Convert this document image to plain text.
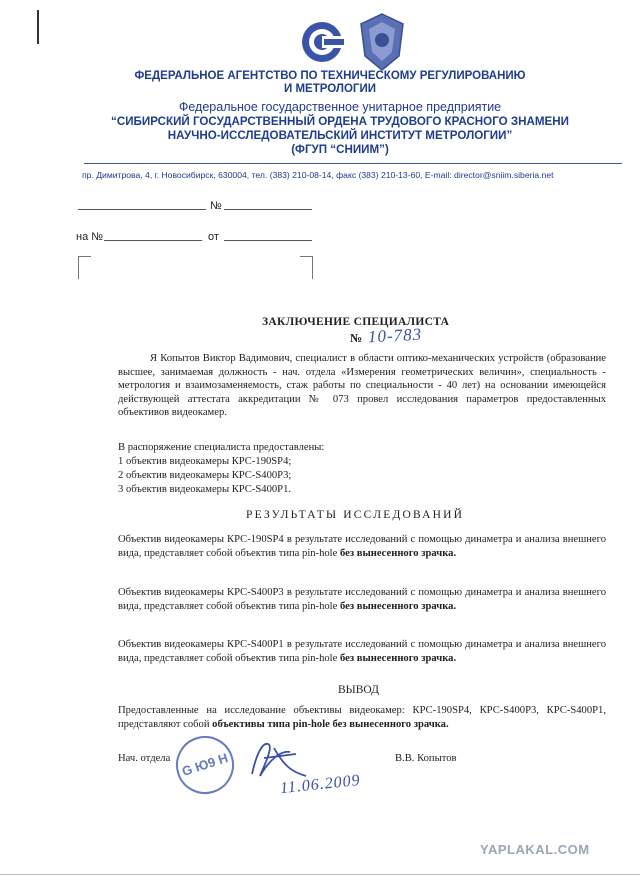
ФЕДЕРАЛЬНОЕ АГЕНТСТВО ПО ТЕХНИЧЕСКОМУ РЕГУЛИРОВАНИЮ
И МЕТРОЛОГИИ
Федеральное государственное унитарное предприятие
“СИБИРСКИЙ ГОСУДАРСТВЕННЫЙ ОРДЕНА ТРУДОВОГО КРАСНОГО ЗНАМЕНИ
НАУЧНО-ИССЛЕДОВАТЕЛЬСКИЙ ИНСТИТУТ МЕТРОЛОГИИ”
(ФГУП “СНИИМ”)
пр. Димитрова, 4, г. Новосибирск, 630004, тел. (383) 210-08-14, факс (383) 210-13-60, E-mail: director@sniim.siberia.net
№
на №	от
ЗАКЛЮЧЕНИЕ СПЕЦИАЛИСТА
№ 10-783
Я Копытов Виктор Вадимович, специалист в области оптико-механических устройств (образование высшее, занимаемая должность - нач. отдела «Измерения геометрических величин», специальность - метрология и взаимозаменяемость, стаж работы по специальности - 40 лет) на основании имеющейся действующей аттестата аккредитации № 073 провел исследования параметров предоставленных объективов видеокамер.
В распоряжение специалиста предоставлены:
1 объектив видеокамеры КРС-190SP4;
2 объектив видеокамеры КРС-S400P3;
3 объектив видеокамеры КРС-S400P1.
РЕЗУЛЬТАТЫ ИССЛЕДОВАНИЙ
Объектив видеокамеры КРС-190SP4 в результате исследований с помощью динаметра и анализа внешнего вида, представляет собой объектив типа pin-hole без вынесенного зрачка.
Объектив видеокамеры КРС-S400P3 в результате исследований с помощью динаметра и анализа внешнего вида, представляет собой объектив типа pin-hole без вынесенного зрачка.
Объектив видеокамеры КРС-S400P1 в результате исследований с помощью динаметра и анализа внешнего вида, представляет собой объектив типа pin-hole без вынесенного зрачка.
ВЫВОД
Предоставленные на исследование объективы видеокамер: КРС-190SP4, КРС-S400P3, КРС-S400P1, представляют собой объективы типа pin-hole без вынесенного зрачка.
Нач. отдела	В.В. Копытов
G Ю9 Н
11.06.2009
YAPLAKAL.COM
